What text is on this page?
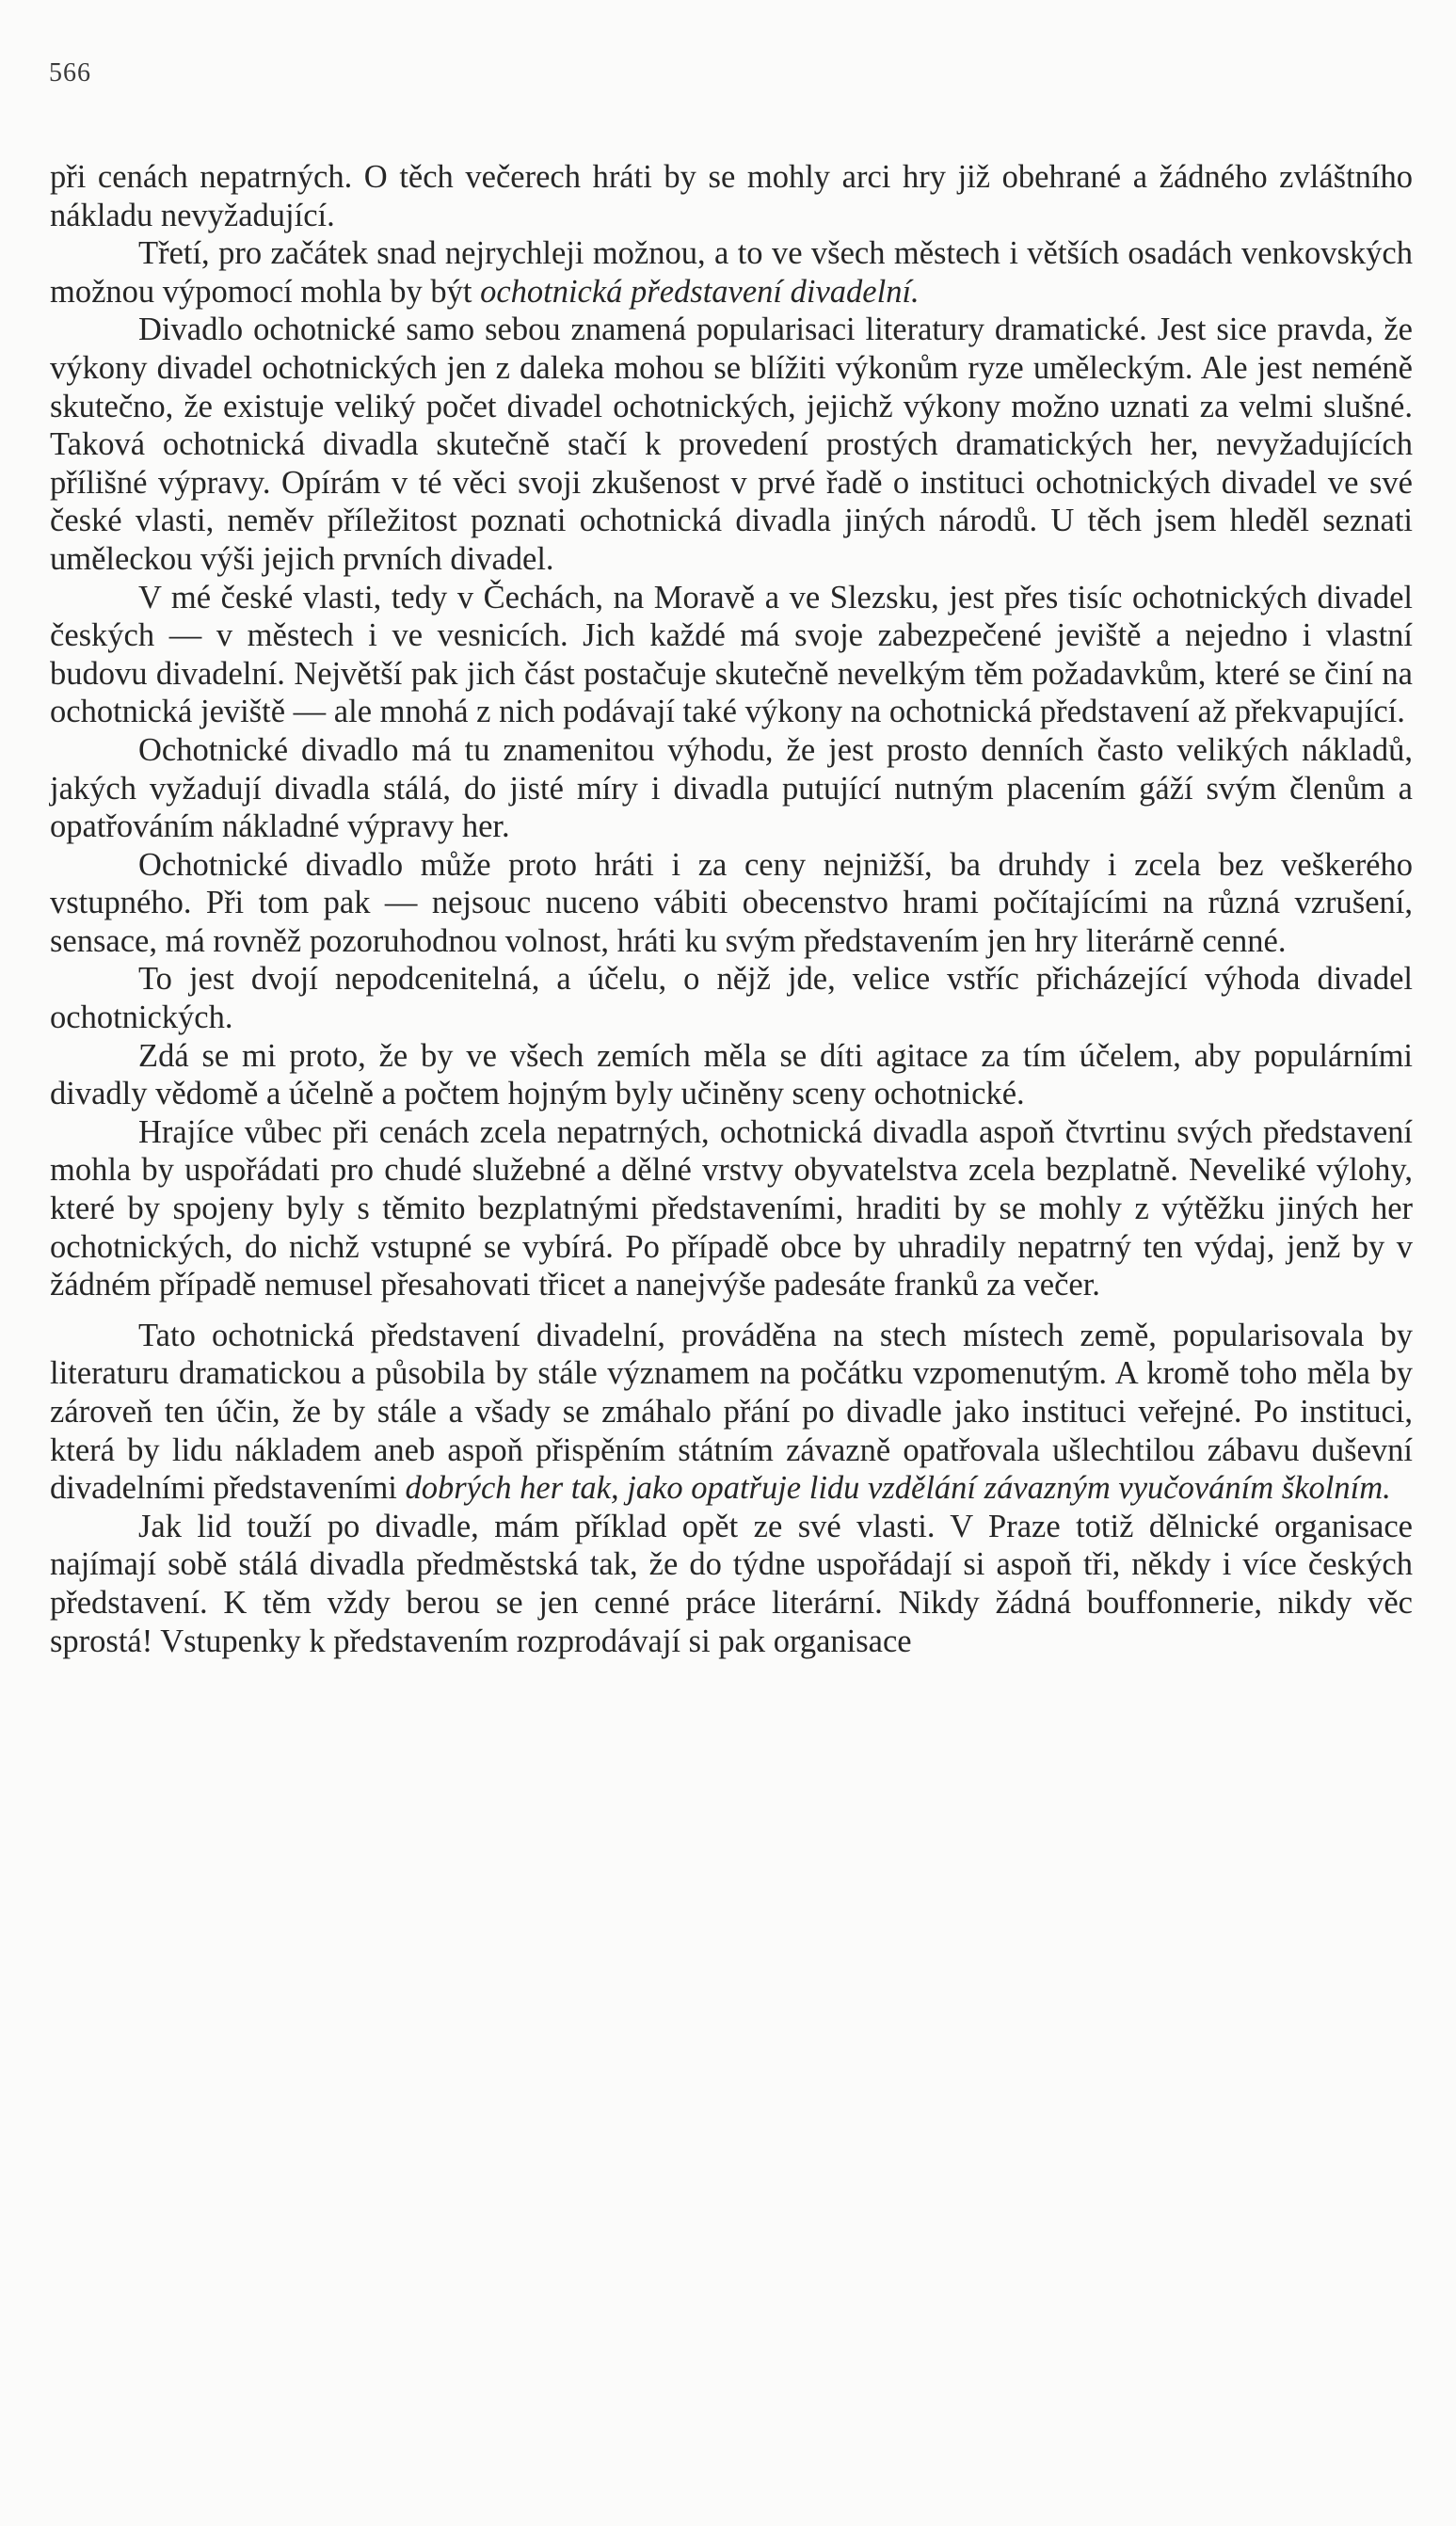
566

při cenách nepatrných. O těch večerech hráti by se mohly arci hry již obehrané a žádného zvláštního nákladu nevyžadující.

Třetí, pro začátek snad nejrychleji možnou, a to ve všech městech i větších osadách venkovských možnou výpomocí mohla by být ochotnická představení divadelní.

Divadlo ochotnické samo sebou znamená popularisaci literatury dramatické. Jest sice pravda, že výkony divadel ochotnických jen z daleka mohou se blížiti výkonům ryze uměleckým. Ale jest neméně skutečno, že existuje veliký počet divadel ochotnických, jejichž výkony možno uznati za velmi slušné. Taková ochotnická divadla skutečně stačí k provedení prostých dramatických her, nevyžadujících přílišné výpravy. Opírám v té věci svoji zkušenost v prvé řadě o instituci ochotnických divadel ve své české vlasti, neměv příležitost poznati ochotnická divadla jiných národů. U těch jsem hleděl seznati uměleckou výši jejich prvních divadel.

V mé české vlasti, tedy v Čechách, na Moravě a ve Slezsku, jest přes tisíc ochotnických divadel českých — v městech i ve vesnicích. Jich každé má svoje zabezpečené jeviště a nejedno i vlastní budovu divadelní. Největší pak jich část postačuje skutečně nevelkým těm požadavkům, které se činí na ochotnická jeviště — ale mnohá z nich podávají také výkony na ochotnická představení až překvapující.

Ochotnické divadlo má tu znamenitou výhodu, že jest prosto denních často velikých nákladů, jakých vyžadují divadla stálá, do jisté míry i divadla putující nutným placením gáží svým členům a opatřováním nákladné výpravy her.

Ochotnické divadlo může proto hráti i za ceny nejnižší, ba druhdy i zcela bez veškerého vstupného. Při tom pak — nejsouc nuceno vábiti obecenstvo hrami počítajícími na různá vzrušení, sensace, má rovněž pozoruhodnou volnost, hráti ku svým představením jen hry literárně cenné.

To jest dvojí nepodcenitelná, a účelu, o nějž jde, velice vstříc přicházející výhoda divadel ochotnických.

Zdá se mi proto, že by ve všech zemích měla se díti agitace za tím účelem, aby populárními divadly vědomě a účelně a počtem hojným byly učiněny sceny ochotnické.

Hrajíce vůbec při cenách zcela nepatrných, ochotnická divadla aspoň čtvrtinu svých představení mohla by uspořádati pro chudé služebné a dělné vrstvy obyvatelstva zcela bezplatně. Neveliké výlohy, které by spojeny byly s těmito bezplatnými představeními, hraditi by se mohly z výtěžku jiných her ochotnických, do nichž vstupné se vybírá. Po případě obce by uhradily nepatrný ten výdaj, jenž by v žádném případě nemusel přesahovati třicet a nanejvýše padesáte franků za večer.

Tato ochotnická představení divadelní, prováděna na stech místech země, popularisovala by literaturu dramatickou a působila by stále významem na počátku vzpomenutým. A kromě toho měla by zároveň ten účin, že by stále a všady se zmáhalo přání po divadle jako instituci veřejné. Po instituci, která by lidu nákladem aneb aspoň přispěním státním závazně opatřovala ušlechtilou zábavu duševní divadelními představeními dobrých her tak, jako opatřuje lidu vzdělání závazným vyučováním školním.

Jak lid touží po divadle, mám příklad opět ze své vlasti. V Praze totiž dělnické organisace najímají sobě stálá divadla předměstská tak, že do týdne uspořádají si aspoň tři, někdy i více českých představení. K těm vždy berou se jen cenné práce literární. Nikdy žádná bouffonnerie, nikdy věc sprostá! Vstupenky k představením rozprodávají si pak organisace
